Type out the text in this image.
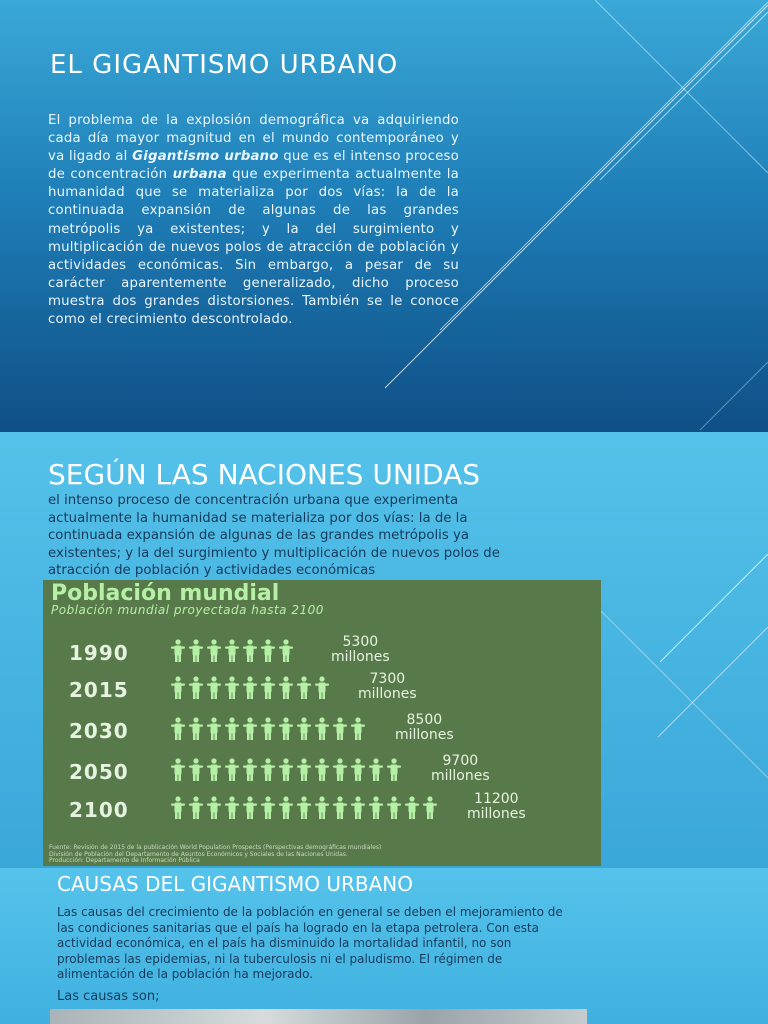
EL GIGANTISMO URBANO

El problema de la explosión demográfica va adquiriendo cada día mayor magnitud en el mundo contemporáneo y va ligado al Gigantismo urbano que es el intenso proceso de concentración urbana que experimenta actualmente la humanidad que se materializa por dos vías: la de la continuada expansión de algunas de las grandes metrópolis ya existentes; y la del surgimiento y multiplicación de nuevos polos de atracción de población y actividades económicas. Sin embargo, a pesar de su carácter aparentemente generalizado, dicho proceso muestra dos grandes distorsiones. También se le conoce como el crecimiento descontrolado.

SEGÚN LAS NACIONES UNIDAS

el intenso proceso de concentración urbana que experimenta actualmente la humanidad se materializa por dos vías: la de la continuada expansión de algunas de las grandes metrópolis ya existentes; y la del surgimiento y multiplicación de nuevos polos de atracción de población y actividades económicas

Población mundial
Población mundial proyectada hasta 2100
1990	5300
millones
2015	7300
millones
2030	8500
millones
2050	9700
millones
2100	11200
millones
Fuente: Revisión de 2015 de la publicación World Population Prospects (Perspectivas demográficas mundiales)
División de Población del Departamento de Asuntos Económicos y Sociales de las Naciones Unidas.
Producción: Departamento de Información Pública
CAUSAS DEL GIGANTISMO URBANO

Las causas del crecimiento de la población en general se deben el mejoramiento de las condiciones sanitarias que el país ha logrado en la etapa petrolera. Con esta actividad económica, en el país ha disminuido la mortalidad infantil, no son problemas las epidemias, ni la tuberculosis ni el paludismo. El régimen de alimentación de la población ha mejorado.

Las causas son;
